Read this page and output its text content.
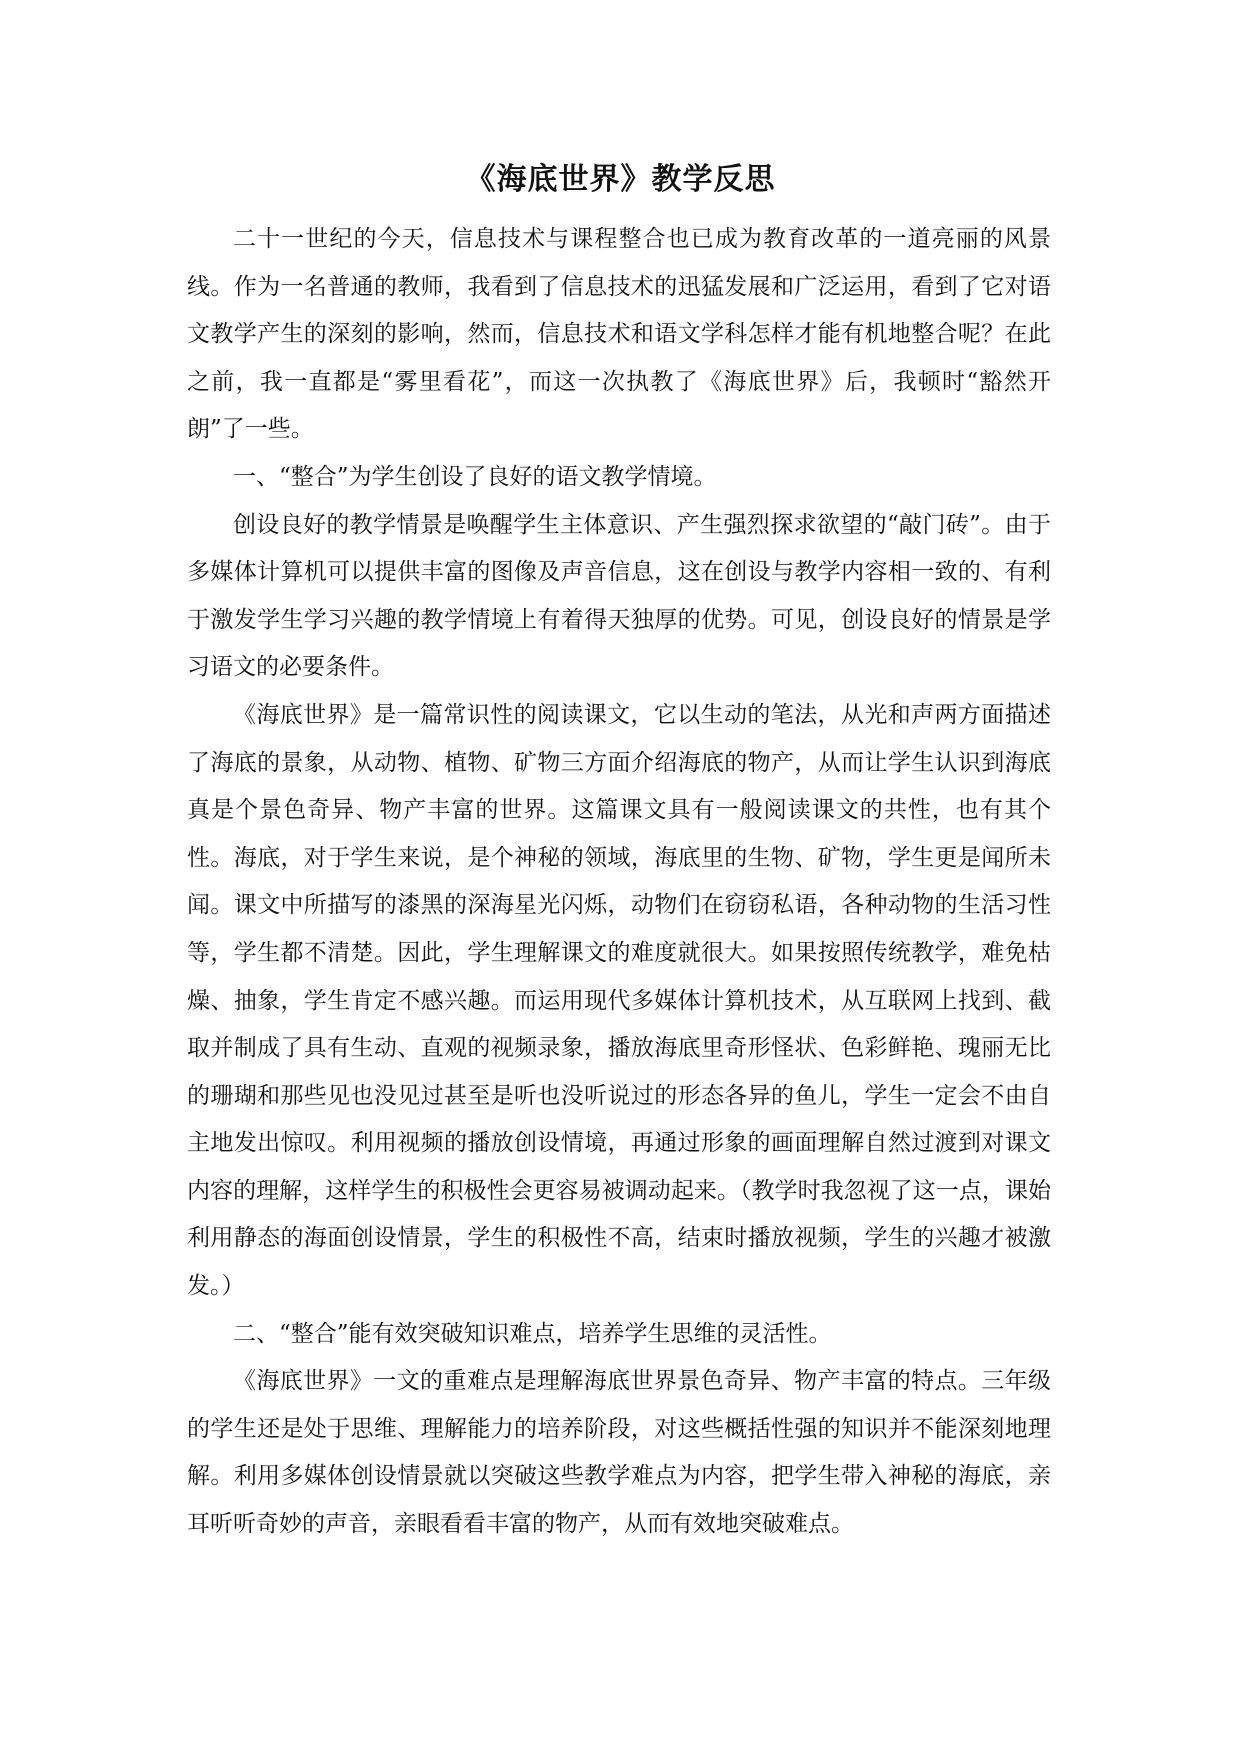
《海底世界》教学反思

二十一世纪的今天，信息技术与课程整合也已成为教育改革的一道亮丽的风景线。作为一名普通的教师，我看到了信息技术的迅猛发展和广泛运用，看到了它对语文教学产生的深刻的影响，然而，信息技术和语文学科怎样才能有机地整合呢？在此之前，我一直都是“雾里看花”，而这一次执教了《海底世界》后，我顿时“豁然开朗”了一些。

一、“整合”为学生创设了良好的语文教学情境。

创设良好的教学情景是唤醒学生主体意识、产生强烈探求欲望的“敲门砖”。由于多媒体计算机可以提供丰富的图像及声音信息，这在创设与教学内容相一致的、有利于激发学生学习兴趣的教学情境上有着得天独厚的优势。可见，创设良好的情景是学习语文的必要条件。

《海底世界》是一篇常识性的阅读课文，它以生动的笔法，从光和声两方面描述了海底的景象，从动物、植物、矿物三方面介绍海底的物产，从而让学生认识到海底真是个景色奇异、物产丰富的世界。这篇课文具有一般阅读课文的共性，也有其个性。海底，对于学生来说，是个神秘的领域，海底里的生物、矿物，学生更是闻所未闻。课文中所描写的漆黑的深海星光闪烁，动物们在窃窃私语，各种动物的生活习性等，学生都不清楚。因此，学生理解课文的难度就很大。如果按照传统教学，难免枯燥、抽象，学生肯定不感兴趣。而运用现代多媒体计算机技术，从互联网上找到、截取并制成了具有生动、直观的视频录象，播放海底里奇形怪状、色彩鲜艳、瑰丽无比的珊瑚和那些见也没见过甚至是听也没听说过的形态各异的鱼儿，学生一定会不由自主地发出惊叹。利用视频的播放创设情境，再通过形象的画面理解自然过渡到对课文内容的理解，这样学生的积极性会更容易被调动起来。（教学时我忽视了这一点，课始利用静态的海面创设情景，学生的积极性不高，结束时播放视频，学生的兴趣才被激发。）

二、“整合”能有效突破知识难点，培养学生思维的灵活性。

《海底世界》一文的重难点是理解海底世界景色奇异、物产丰富的特点。三年级的学生还是处于思维、理解能力的培养阶段，对这些概括性强的知识并不能深刻地理解。利用多媒体创设情景就以突破这些教学难点为内容，把学生带入神秘的海底，亲耳听听奇妙的声音，亲眼看看丰富的物产，从而有效地突破难点。
